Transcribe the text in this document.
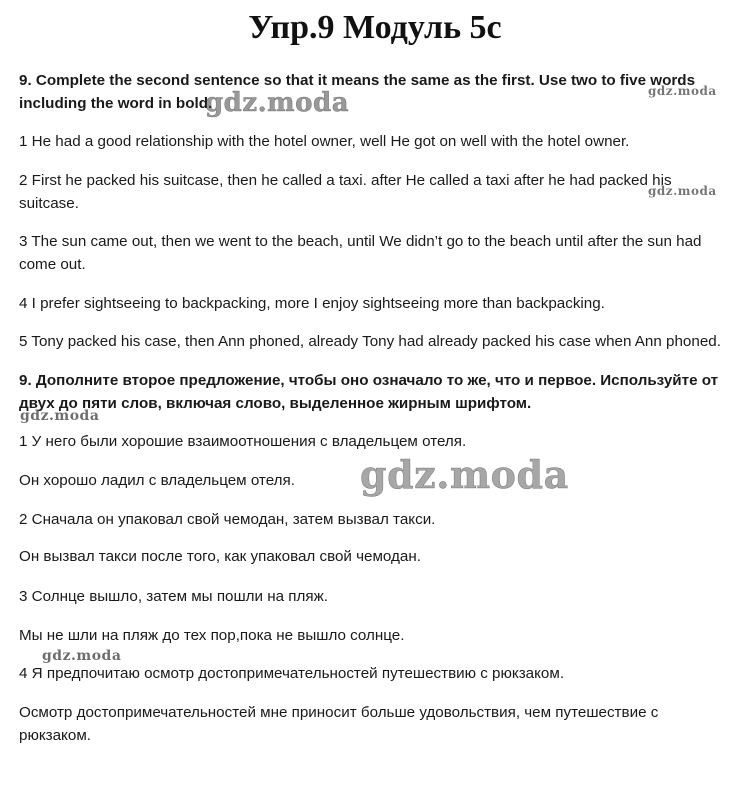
Упр.9 Модуль 5с

9. Complete the second sentence so that it means the same as the first. Use two to five words including the word in bold.

1 He had a good relationship with the hotel owner, well He got on well with the hotel owner.

2 First he packed his suitcase, then he called a taxi. after He called a taxi after he had packed his suitcase.

3 The sun came out, then we went to the beach, until We didn’t go to the beach until after the sun had come out.

4 I prefer sightseeing to backpacking, more I enjoy sightseeing more than backpacking.

5 Tony packed his case, then Ann phoned, already Tony had already packed his case when Ann phoned.

9. Дополните второе предложение, чтобы оно означало то же, что и первое. Используйте от двух до пяти слов, включая слово, выделенное жирным шрифтом.

1 У него были хорошие взаимоотношения с владельцем отеля.

Он хорошо ладил с владельцем отеля.

2 Сначала он упаковал свой чемодан, затем вызвал такси.

Он вызвал такси после того, как упаковал свой чемодан.

3 Солнце вышло, затем мы пошли на пляж.

Мы не шли на пляж до тех пор,пока не вышло солнце.

4 Я предпочитаю осмотр достопримечательностей путешествию с рюкзаком.

Осмотр достопримечательностей мне приносит больше удовольствия, чем путешествие с рюкзаком.

gdz.moda	gdz.moda
gdz.moda
gdz.moda
gdz.moda
gdz.moda
